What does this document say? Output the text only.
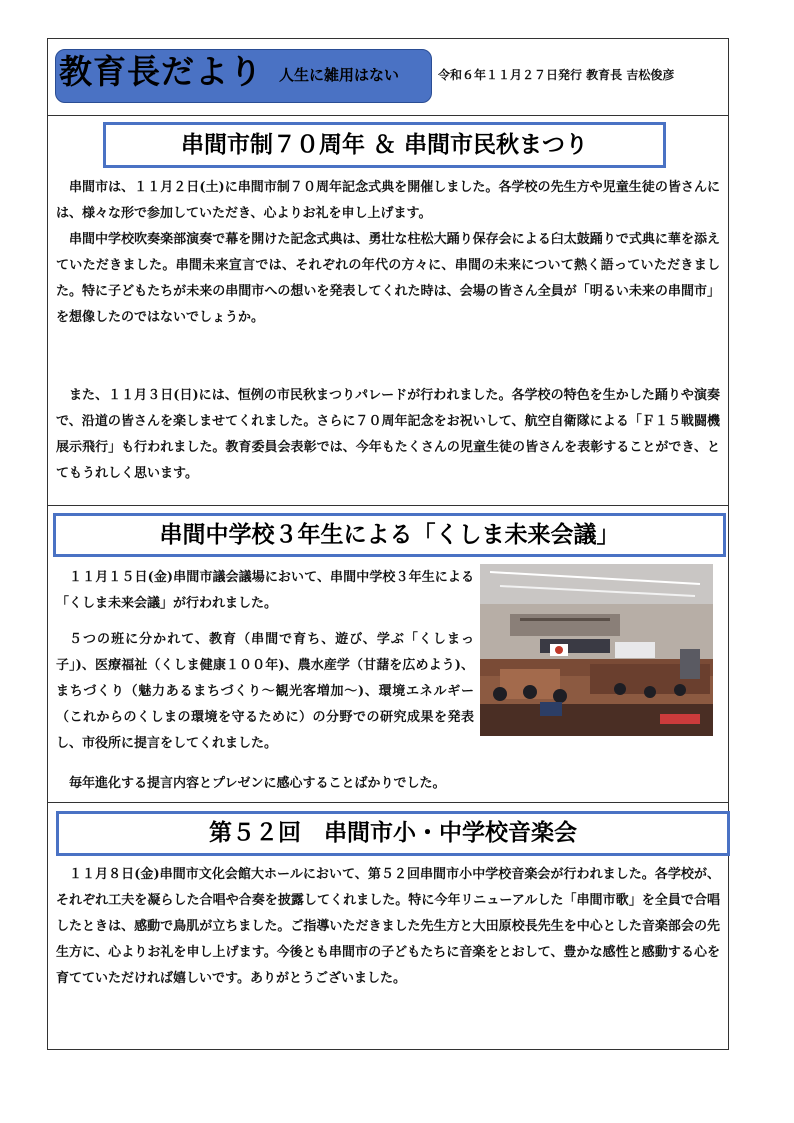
教育長だより 人生に雑用はない	令和６年１１月２７日発行 教育長 吉松俊彦
串間市制７０周年 ＆ 串間市民秋まつり

串間市は、１１月２日(土)に串間市制７０周年記念式典を開催しました。各学校の先生方や児童生徒の皆さんには、様々な形で参加していただき、心よりお礼を申し上げます。

串間中学校吹奏楽部演奏で幕を開けた記念式典は、勇壮な柱松大踊り保存会による臼太鼓踊りで式典に華を添えていただきました。串間未来宣言では、それぞれの年代の方々に、串間の未来について熱く語っていただきました。特に子どもたちが未来の串間市への想いを発表してくれた時は、会場の皆さん全員が「明るい未来の串間市」を想像したのではないでしょうか。

また、１１月３日(日)には、恒例の市民秋まつりパレードが行われました。各学校の特色を生かした踊りや演奏で、沿道の皆さんを楽しませてくれました。さらに７０周年記念をお祝いして、航空自衛隊による「Ｆ１５戦闘機展示飛行」も行われました。教育委員会表彰では、今年もたくさんの児童生徒の皆さんを表彰することができ、とてもうれしく思います。

串間中学校３年生による「くしま未来会議」

１１月１５日(金)串間市議会議場において、串間中学校３年生による「くしま未来会議」が行われました。

５つの班に分かれて、教育（串間で育ち、遊び、学ぶ「くしまっ子」)、医療福祉（くしま健康１００年)、農水産学（甘藷を広めよう)、まちづくり（魅力あるまちづくり～観光客増加～)、環境エネルギー（これからのくしまの環境を守るために）の分野での研究成果を発表し、市役所に提言をしてくれました。

毎年進化する提言内容とプレゼンに感心することばかりでした。

第５２回　串間市小・中学校音楽会

１１月８日(金)串間市文化会館大ホールにおいて、第５２回串間市小中学校音楽会が行われました。各学校が、それぞれ工夫を凝らした合唱や合奏を披露してくれました。特に今年リニューアルした「串間市歌」を全員で合唱したときは、感動で鳥肌が立ちました。ご指導いただきました先生方と大田原校長先生を中心とした音楽部会の先生方に、心よりお礼を申し上げます。今後とも串間市の子どもたちに音楽をとおして、豊かな感性と感動する心を育てていただければ嬉しいです。ありがとうございました。
